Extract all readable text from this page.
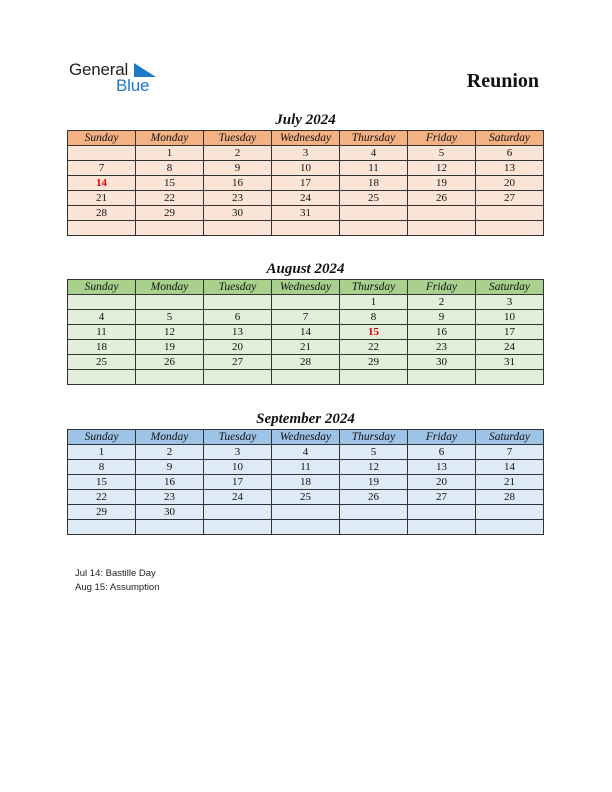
General
Blue	Reunion
July 2024
Sunday	Monday	Tuesday	Wednesday	Thursday	Friday	Saturday
	1	2	3	4	5	6
7	8	9	10	11	12	13
14	15	16	17	18	19	20
21	22	23	24	25	26	27
28	29	30	31			

August 2024
Sunday	Monday	Tuesday	Wednesday	Thursday	Friday	Saturday
				1	2	3
4	5	6	7	8	9	10
11	12	13	14	15	16	17
18	19	20	21	22	23	24
25	26	27	28	29	30	31

September 2024
Sunday	Monday	Tuesday	Wednesday	Thursday	Friday	Saturday
1	2	3	4	5	6	7
8	9	10	11	12	13	14
15	16	17	18	19	20	21
22	23	24	25	26	27	28
29	30					

Jul 14: Bastille Day
Aug 15: Assumption
